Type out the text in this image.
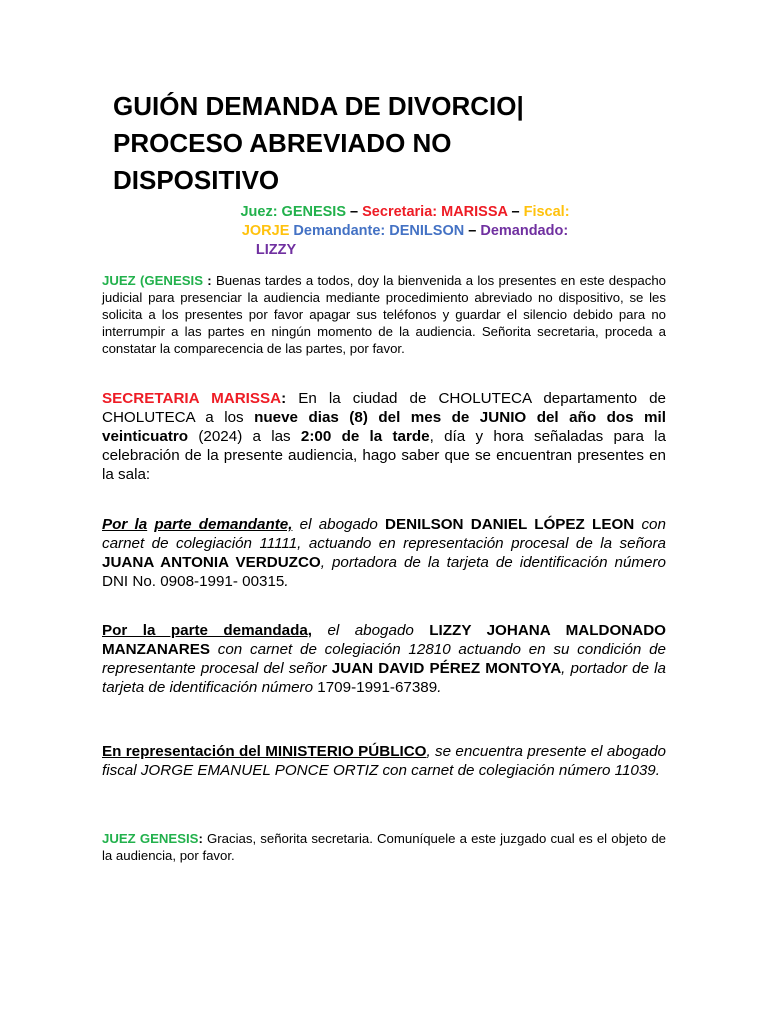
GUIÓN DEMANDA DE DIVORCIO|
PROCESO ABREVIADO NO
DISPOSITIVO
Juez: GENESIS – Secretaria: MARISSA – Fiscal:
JORJE Demandante: DENILSON – Demandado: LIZZY

JUEZ (GENESIS : Buenas tardes a todos, doy la bienvenida a los presentes en este despacho judicial para presenciar la audiencia mediante procedimiento abreviado no dispositivo, se les solicita a los presentes por favor apagar sus teléfonos y guardar el silencio debido para no interrumpir a las partes en ningún momento de la audiencia. Señorita secretaria, proceda a constatar la comparecencia de las partes, por favor.

SECRETARIA MARISSA: En la ciudad de CHOLUTECA departamento de CHOLUTECA a los nueve dias (8) del mes de JUNIO del año dos mil veinticuatro (2024) a las 2:00 de la tarde, día y hora señaladas para la celebración de la presente audiencia, hago saber que se encuentran presentes en la sala:

Por la parte demandante, el abogado DENILSON DANIEL LÓPEZ LEON con carnet de colegiación 11111, actuando en representación procesal de la señora JUANA ANTONIA VERDUZCO, portadora de la tarjeta de identificación número DNI No. 0908-1991- 00315.

Por la parte demandada, el abogado LIZZY JOHANA MALDONADO MANZANARES con carnet de colegiación 12810 actuando en su condición de representante procesal del señor JUAN DAVID PÉREZ MONTOYA, portador de la tarjeta de identificación número 1709-1991-67389.

En representación del MINISTERIO PÚBLICO, se encuentra presente el abogado fiscal JORGE EMANUEL PONCE ORTIZ con carnet de colegiación número 11039.

JUEZ GENESIS: Gracias, señorita secretaria. Comuníquele a este juzgado cual es el objeto de la audiencia, por favor.
